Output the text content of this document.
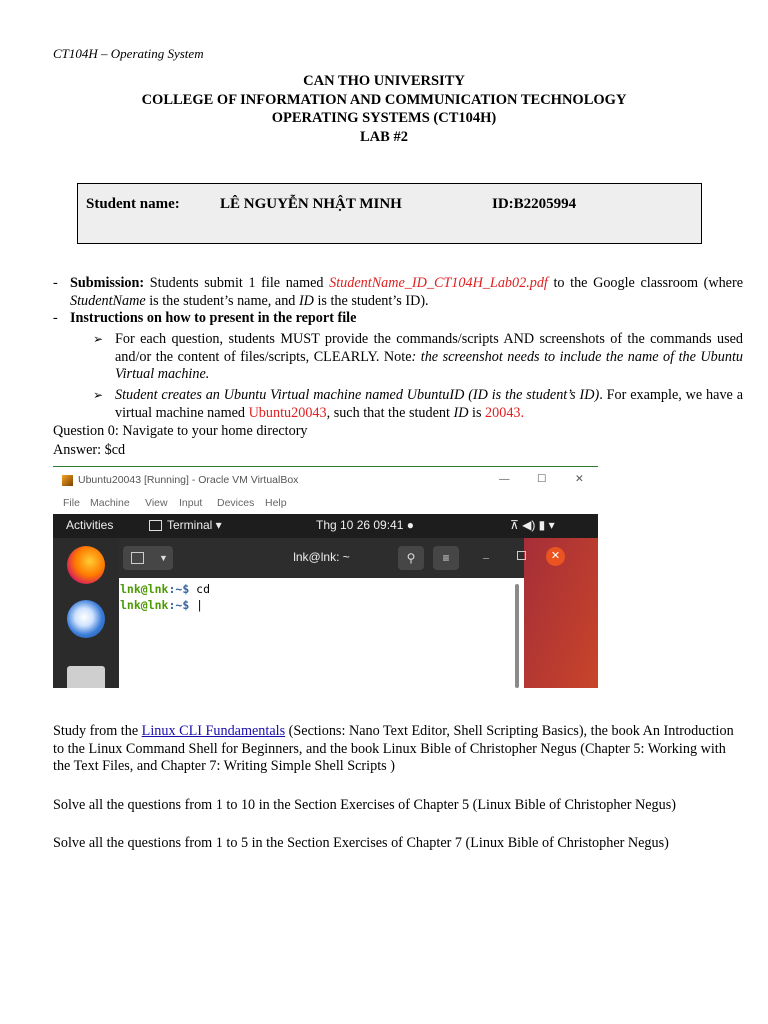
CT104H – Operating System
CAN THO UNIVERSITY
COLLEGE OF INFORMATION AND COMMUNICATION TECHNOLOGY
OPERATING SYSTEMS (CT104H)
LAB #2
Student name:	LÊ NGUYỄN NHẬT MINH	ID:B2205994
- Submission: Students submit 1 file named StudentName_ID_CT104H_Lab02.pdf to the Google classroom (where StudentName is the student’s name, and ID is the student’s ID).
- Instructions on how to present in the report file
➢ For each question, students MUST provide the commands/scripts AND screenshots of the commands used and/or the content of files/scripts, CLEARLY. Note: the screenshot needs to include the name of the Ubuntu Virtual machine.
➢ Student creates an Ubuntu Virtual machine named UbuntuID (ID is the student’s ID). For example, we have a virtual machine named Ubuntu20043, such that the student ID is 20043.
Question 0: Navigate to your home directory
Answer: $cd
Ubuntu20043 [Running] - Oracle VM VirtualBox	—	☐	✕
File Machine View Input Devices Help
Activities	Terminal ▾	Thg 10 26 09:41 ●	⊼ ◀) ▮ ▾
▼	lnk@lnk: ~	⚲	≡	–	✕
lnk@lnk:~$ cd
lnk@lnk:~$ |
Study from the Linux CLI Fundamentals (Sections: Nano Text Editor, Shell Scripting Basics), the book An Introduction to the Linux Command Shell for Beginners, and the book Linux Bible of Christopher Negus (Chapter 5: Working with the Text Files, and Chapter 7: Writing Simple Shell Scripts )
Solve all the questions from 1 to 10 in the Section Exercises of Chapter 5 (Linux Bible of Christopher Negus)
Solve all the questions from 1 to 5 in the Section Exercises of Chapter 7 (Linux Bible of Christopher Negus)
